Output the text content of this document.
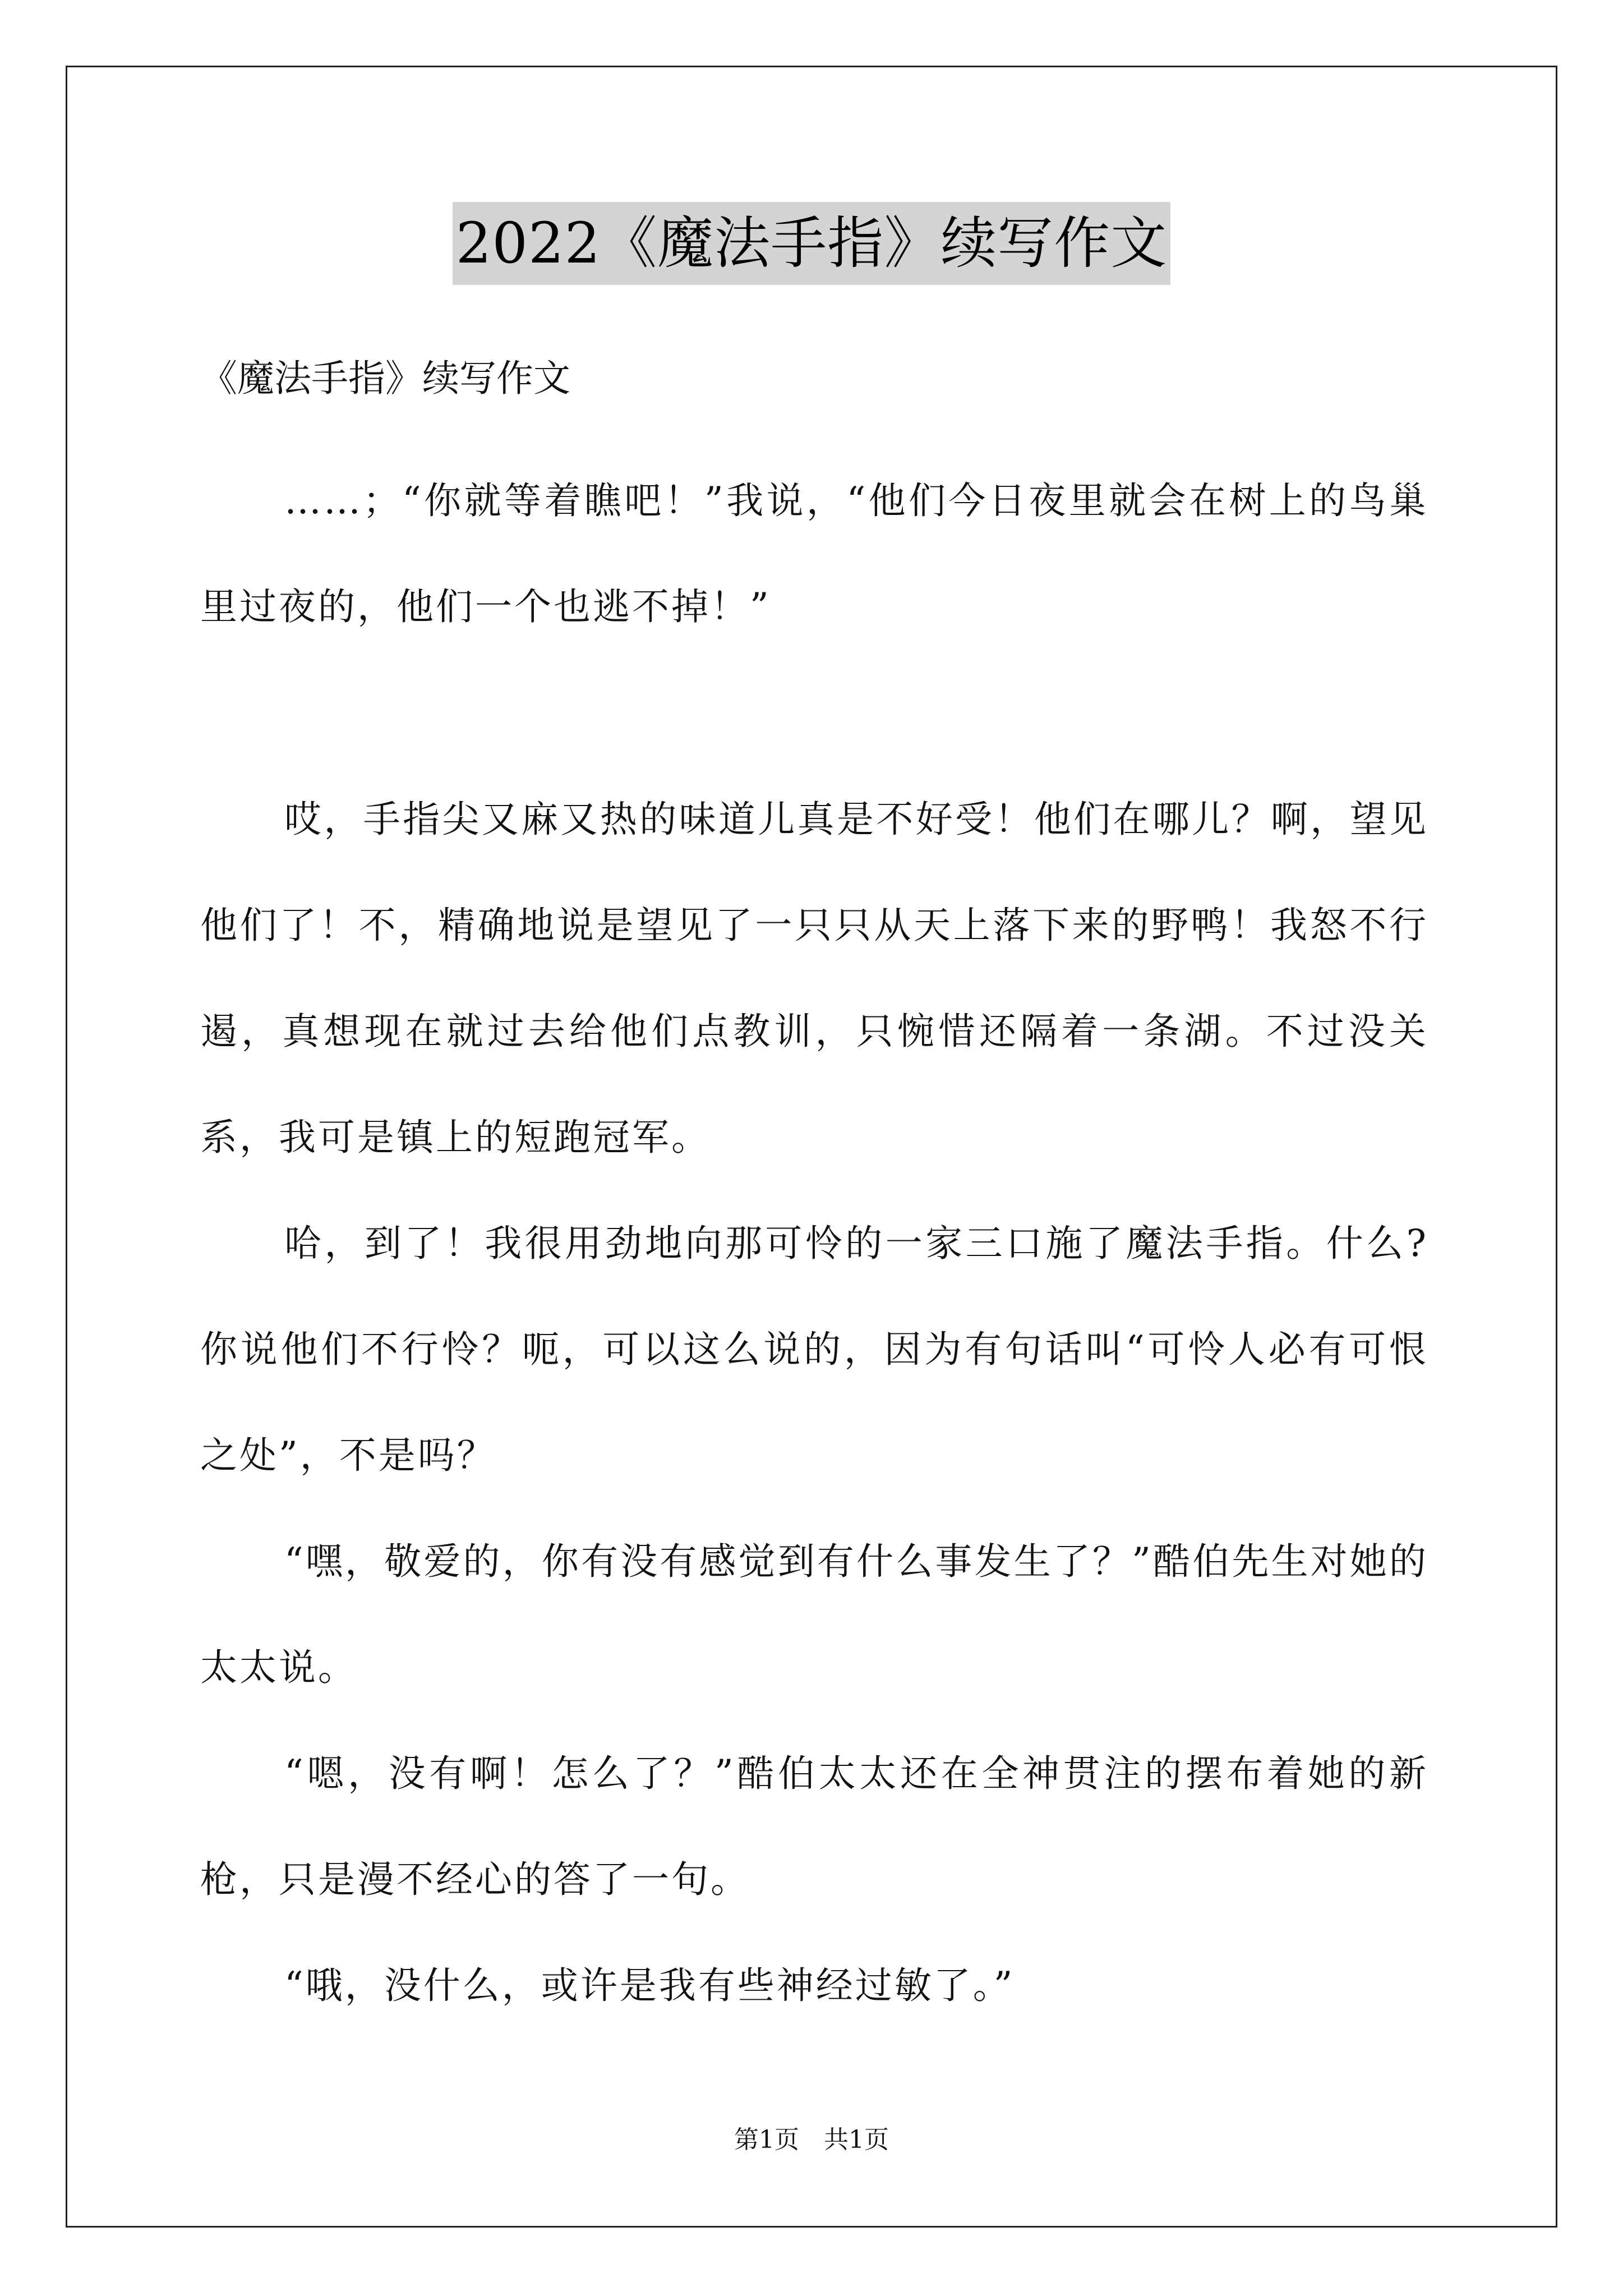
2022《魔法手指》续写作文

《魔法手指》续写作文

……；“你就等着瞧吧！”我说，“他们今日夜里就会在树上的鸟巢里过夜的，他们一个也逃不掉！”

哎，手指尖又麻又热的味道儿真是不好受！他们在哪儿？啊，望见他们了！不，精确地说是望见了一只只从天上落下来的野鸭！我怒不行遏，真想现在就过去给他们点教训，只惋惜还隔着一条湖。不过没关系，我可是镇上的短跑冠军。

哈，到了！我很用劲地向那可怜的一家三口施了魔法手指。什么?你说他们不行怜？呃，可以这么说的，因为有句话叫“可怜人必有可恨之处”，不是吗？

“嘿，敬爱的，你有没有感觉到有什么事发生了？”酷伯先生对她的太太说。

“嗯，没有啊！怎么了？”酷伯太太还在全神贯注的摆布着她的新枪，只是漫不经心的答了一句。

“哦，没什么，或许是我有些神经过敏了。”

第1页 共1页
